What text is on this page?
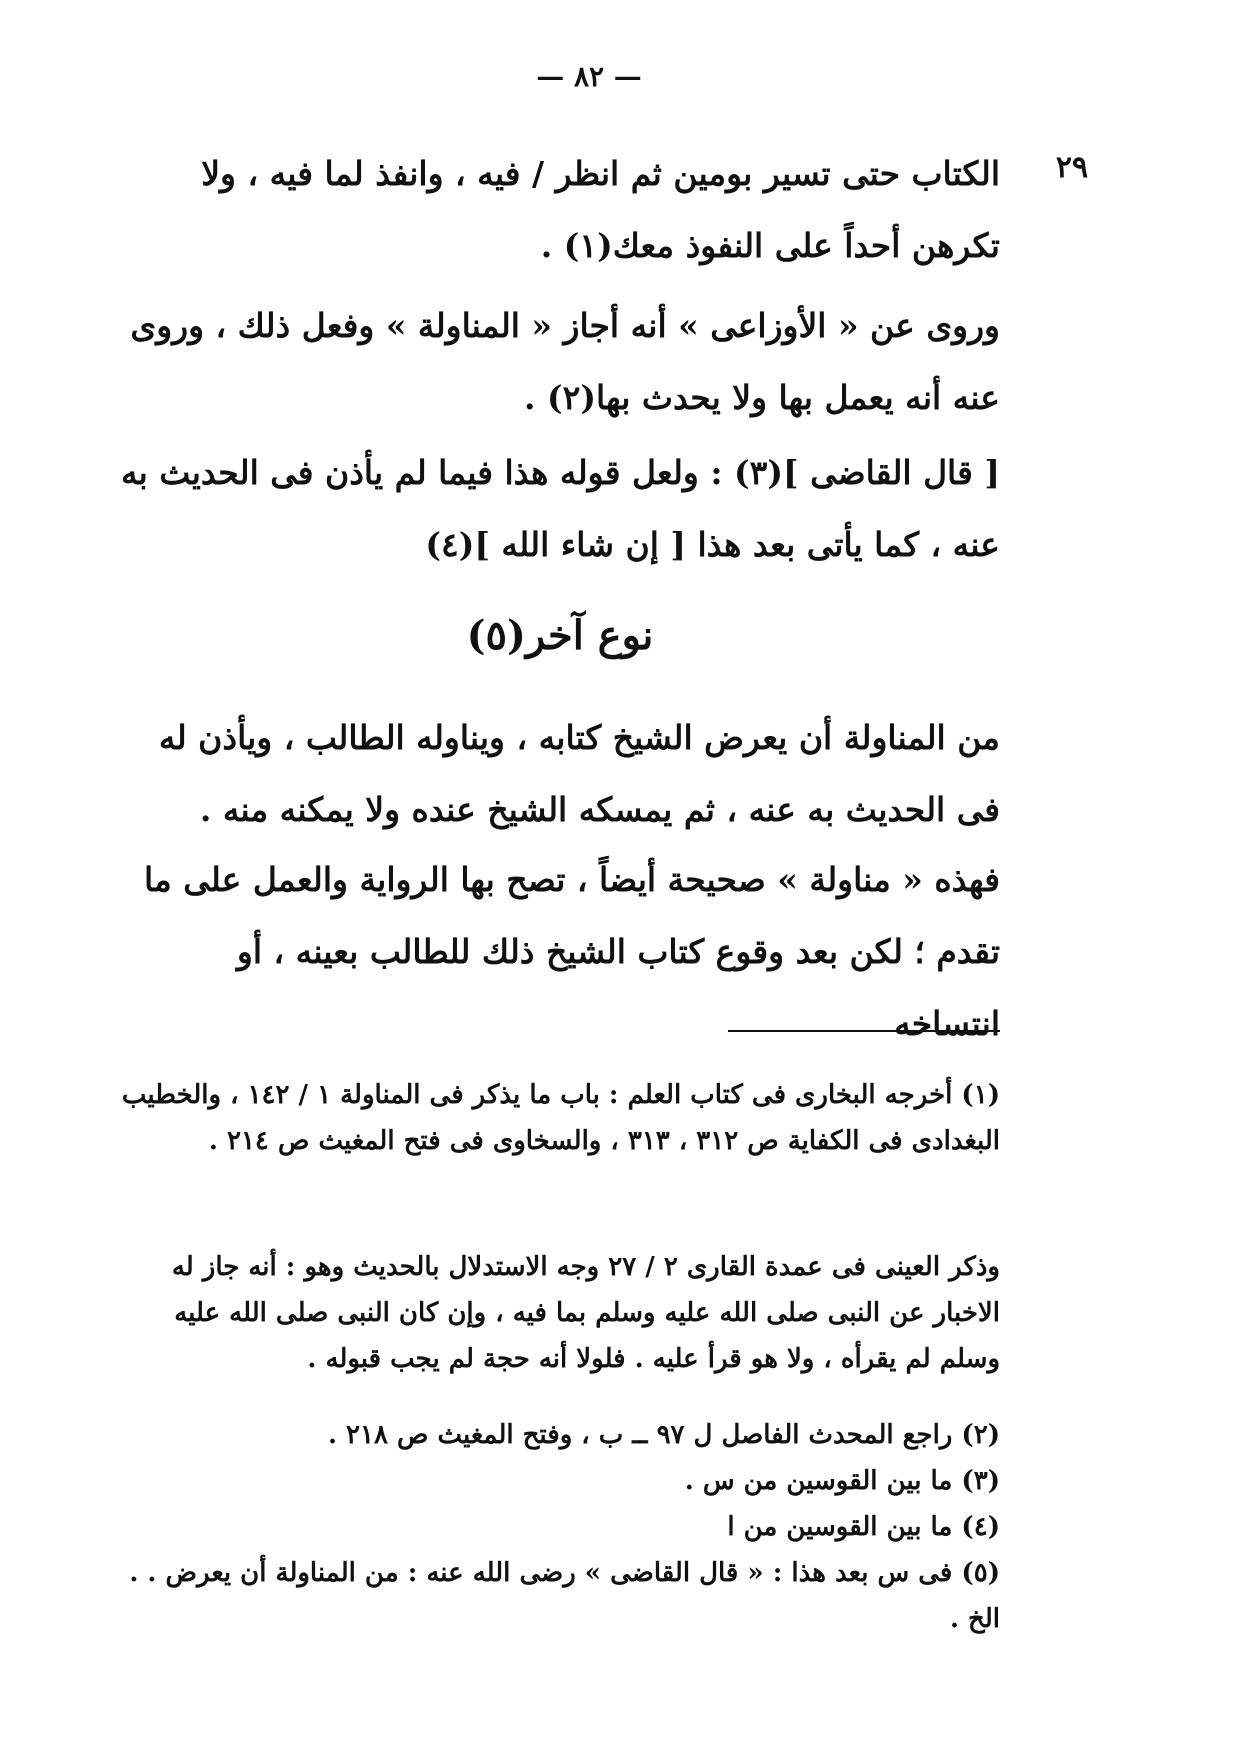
— ٨٢ —
٢٩
الكتاب حتى تسير بومين ثم انظر / فيه ، وانفذ لما فيه ، ولا تكرهن أحداً على النفوذ معك(١) .
وروى عن « الأوزاعى » أنه أجاز « المناولة » وفعل ذلك ، وروى عنه أنه يعمل بها ولا يحدث بها(٢) .
[ قال القاضى ](٣) : ولعل قوله هذا فيما لم يأذن فى الحديث به عنه ، كما يأتى بعد هذا [ إن شاء الله ](٤)
نوع آخر(٥)
من المناولة أن يعرض الشيخ كتابه ، ويناوله الطالب ، ويأذن له فى الحديث به عنه ، ثم يمسكه الشيخ عنده ولا يمكنه منه .
فهذه « مناولة » صحيحة أيضاً ، تصح بها الرواية والعمل على ما تقدم ؛ لكن بعد وقوع كتاب الشيخ ذلك للطالب بعينه ، أو انتساخه
(١) أخرجه البخارى فى كتاب العلم : باب ما يذكر فى المناولة ١ / ١٤٢ ، والخطيب البغدادى فى الكفاية ص ٣١٢ ، ٣١٣ ، والسخاوى فى فتح المغيث ص ٢١٤ .
وذكر العينى فى عمدة القارى ٢ / ٢٧ وجه الاستدلال بالحديث وهو : أنه جاز له الاخبار عن النبى صلى الله عليه وسلم بما فيه ، وإن كان النبى صلى الله عليه وسلم لم يقرأه ، ولا هو قرأ عليه . فلولا أنه حجة لم يجب قبوله .
(٢) راجع المحدث الفاصل ل ٩٧ ــ ب ، وفتح المغيث ص ٢١٨ .
(٣) ما بين القوسين من س .
(٤) ما بين القوسين من ا
(٥) فى س بعد هذا : « قال القاضى » رضى الله عنه : من المناولة أن يعرض . . الخ .
